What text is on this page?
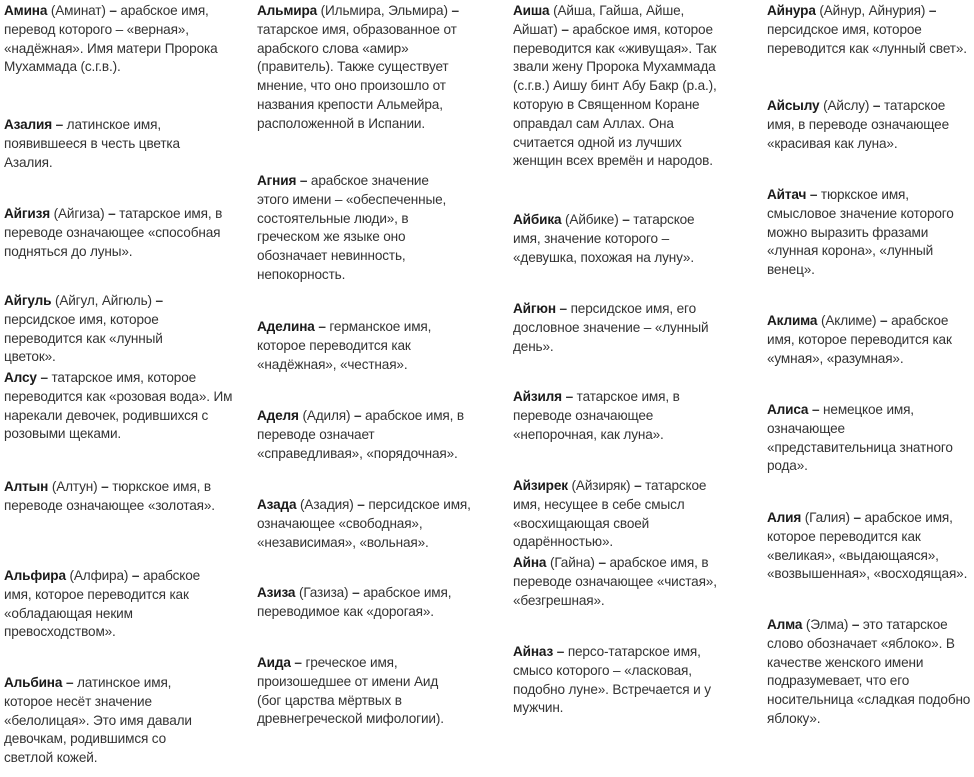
Амина (Аминат) – арабское имя, перевод которого – «верная», «надёжная». Имя матери Пророка Мухаммада (с.г.в.).

Азалия – латинское имя, появившееся в честь цветка Азалия.

Айгизя (Айгиза) – татарское имя, в переводе означающее «способная подняться до луны».

Айгуль (Айгул, Айгюль) – персидское имя, которое переводится как «лунный цветок».

Алсу – татарское имя, которое переводится как «розовая вода». Им нарекали девочек, родившихся с розовыми щеками.

Алтын (Алтун) – тюркское имя, в переводе означающее «золотая».

Альфира (Алфира) – арабское имя, которое переводится как «обладающая неким превосходством».

Альбина – латинское имя, которое несёт значение «белолицая». Это имя давали девочкам, родившимся со светлой кожей.

Альмира (Ильмира, Эльмира) – татарское имя, образованное от арабского слова «амир» (правитель). Также существует мнение, что оно произошло от названия крепости Альмейра, расположенной в Испании.

Агния – арабское значение этого имени – «обеспеченные, состоятельные люди», в греческом же языке оно обозначает невинность, непокорность.

Аделина – германское имя, которое переводится как «надёжная», «честная».

Аделя (Адиля) – арабское имя, в переводе означает «справедливая», «порядочная».

Азада (Азадия) – персидское имя, означающее «свободная», «независимая», «вольная».

Азиза (Газиза) – арабское имя, переводимое как «дорогая».

Аида – греческое имя, произошедшее от имени Аид (бог царства мёртвых в древнегреческой мифологии).

Аиша (Айша, Гайша, Айше, Айшат) – арабское имя, которое переводится как «живущая». Так звали жену Пророка Мухаммада (с.г.в.) Аишу бинт Абу Бакр (р.а.), которую в Священном Коране оправдал сам Аллах. Она считается одной из лучших женщин всех времён и народов.

Айбика (Айбике) – татарское имя, значение которого – «девушка, похожая на луну».

Айгюн – персидское имя, его дословное значение – «лунный день».

Айзиля – татарское имя, в переводе означающее «непорочная, как луна».

Айзирек (Айзиряк) – татарское имя, несущее в себе смысл «восхищающая своей одарённостью».

Айна (Гайна) – арабское имя, в переводе означающее «чистая», «безгрешная».

Айназ – персо-татарское имя, смысо которого – «ласковая, подобно луне». Встречается и у мужчин.

Айнура (Айнур, Айнурия) – персидское имя, которое переводится как «лунный свет».

Айсылу (Айслу) – татарское имя, в переводе означающее «красивая как луна».

Айтач – тюркское имя, смысловое значение которого можно выразить фразами «лунная корона», «лунный венец».

Аклима (Аклиме) – арабское имя, которое переводится как «умная», «разумная».

Алиса – немецкое имя, означающее «представительница знатного рода».

Алия (Галия) – арабское имя, которое переводится как «великая», «выдающаяся», «возвышенная», «восходящая».

Алма (Элма) – это татарское слово обозначает «яблоко». В качестве женского имени подразумевает, что его носительница «сладкая подобно яблоку».
